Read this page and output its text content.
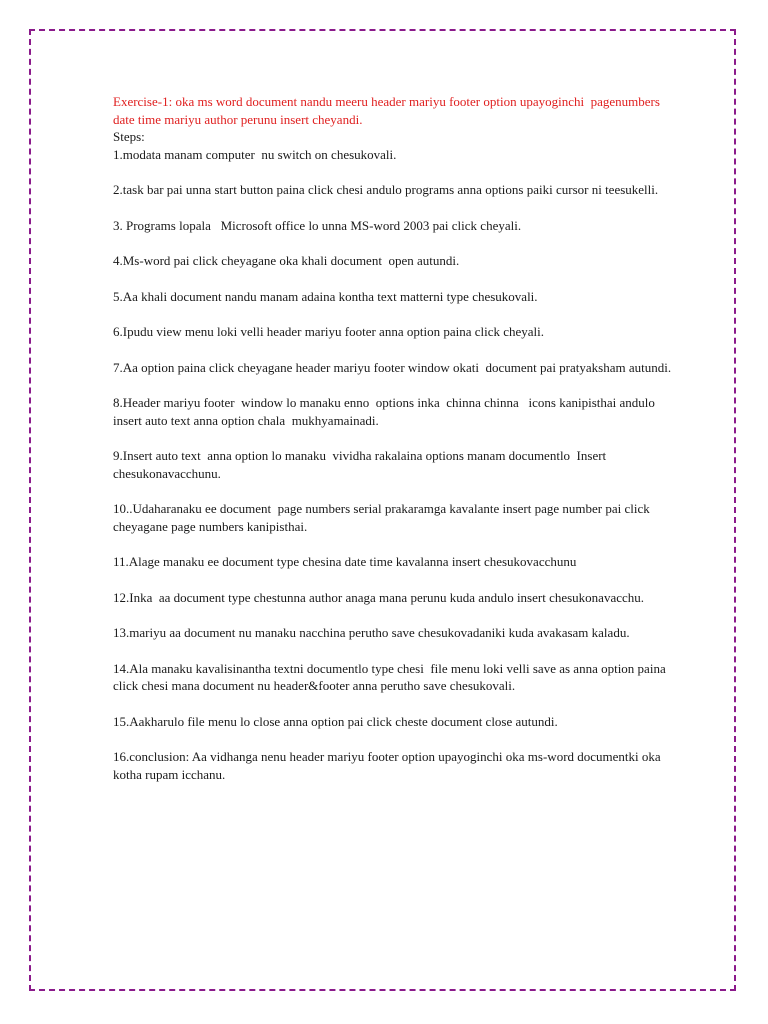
Exercise-1: oka ms word document nandu meeru header mariyu footer option upayoginchi  pagenumbers date time mariyu author perunu insert cheyandi.

Steps:

1.modata manam computer  nu switch on chesukovali.

2.task bar pai unna start button paina click chesi andulo programs anna options paiki cursor ni teesukelli.

3. Programs lopala   Microsoft office lo unna MS-word 2003 pai click cheyali.

4.Ms-word pai click cheyagane oka khali document  open autundi.

5.Aa khali document nandu manam adaina kontha text matterni type chesukovali.

6.Ipudu view menu loki velli header mariyu footer anna option paina click cheyali.

7.Aa option paina click cheyagane header mariyu footer window okati  document pai pratyaksham autundi.

8.Header mariyu footer  window lo manaku enno  options inka  chinna chinna   icons kanipisthai andulo  insert auto text anna option chala  mukhyamainadi.

9.Insert auto text  anna option lo manaku  vividha rakalaina options manam documentlo  Insert chesukonavacchunu.

10..Udaharanaku ee document  page numbers serial prakaramga kavalante insert page number pai click cheyagane page numbers kanipisthai.

11.Alage manaku ee document type chesina date time kavalanna insert chesukovacchunu

12.Inka  aa document type chestunna author anaga mana perunu kuda andulo insert chesukonavacchu.

13.mariyu aa document nu manaku nacchina perutho save chesukovadaniki kuda avakasam kaladu.

14.Ala manaku kavalisinantha textni documentlo type chesi  file menu loki velli save as anna option paina click chesi mana document nu header&footer anna perutho save chesukovali.

15.Aakharulo file menu lo close anna option pai click cheste document close autundi.

16.conclusion: Aa vidhanga nenu header mariyu footer option upayoginchi oka ms-word documentki oka kotha rupam icchanu.
